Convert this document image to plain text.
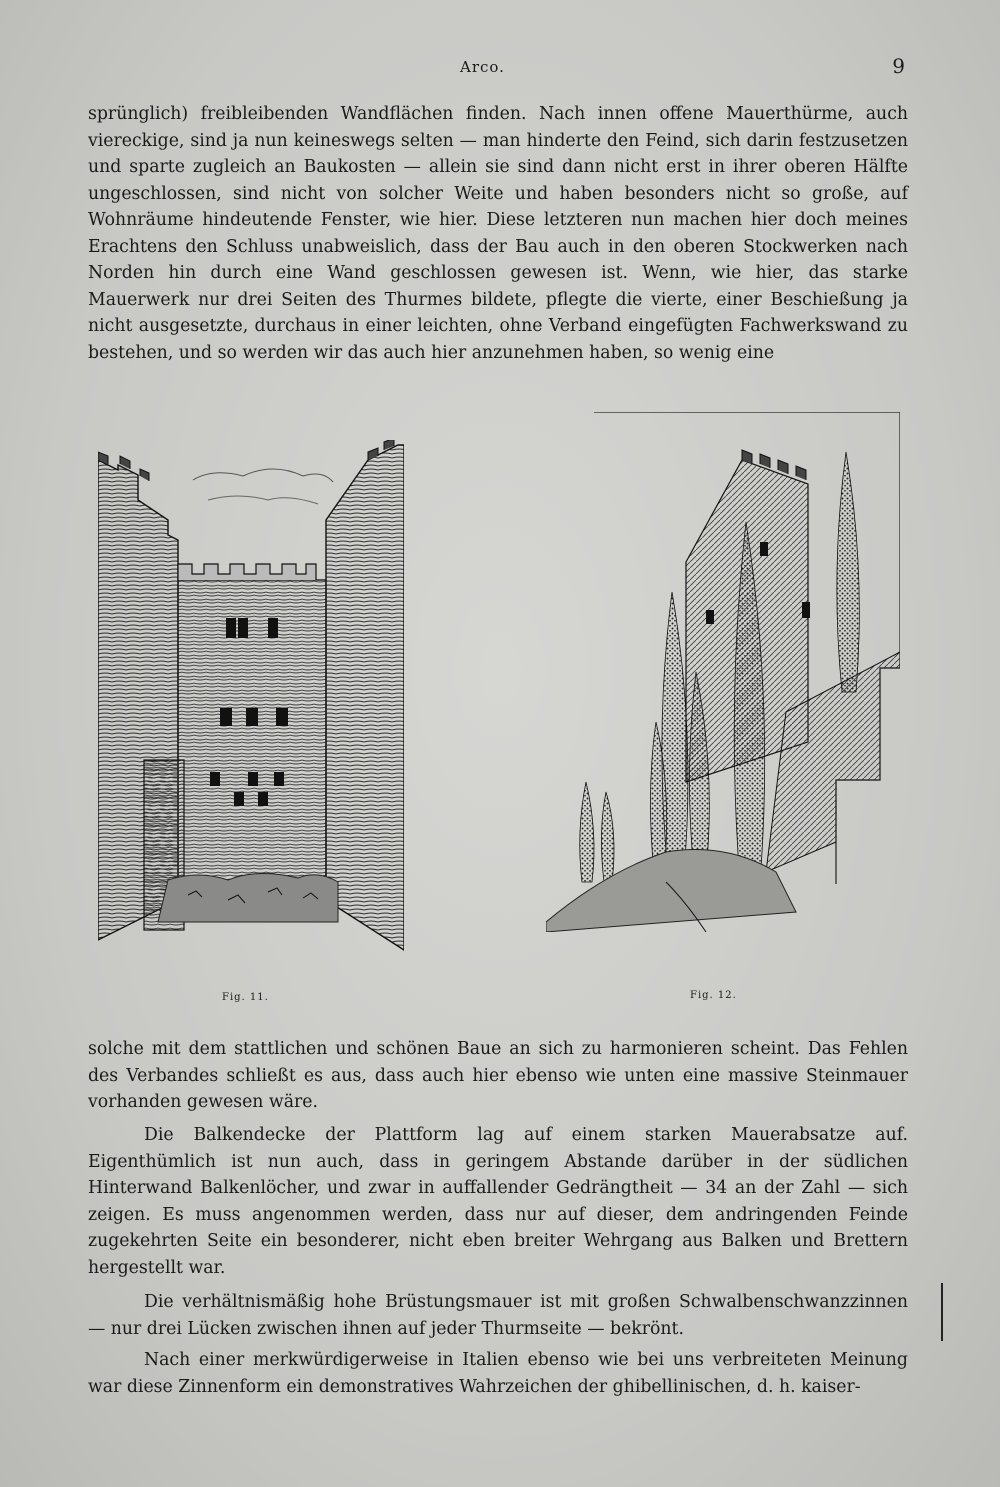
Arco.	9

sprünglich) freibleibenden Wandflächen finden. Nach innen offene Mauerthürme, auch viereckige, sind ja nun keineswegs selten — man hinderte den Feind, sich darin festzusetzen und sparte zugleich an Baukosten — allein sie sind dann nicht erst in ihrer oberen Hälfte ungeschlossen, sind nicht von solcher Weite und haben besonders nicht so große, auf Wohnräume hindeutende Fenster, wie hier. Diese letzteren nun machen hier doch meines Erachtens den Schluss unabweislich, dass der Bau auch in den oberen Stockwerken nach Norden hin durch eine Wand geschlossen gewesen ist. Wenn, wie hier, das starke Mauerwerk nur drei Seiten des Thurmes bildete, pflegte die vierte, einer Beschießung ja nicht ausgesetzte, durchaus in einer leichten, ohne Verband eingefügten Fachwerkswand zu bestehen, und so werden wir das auch hier anzunehmen haben, so wenig eine

Fig. 11.	Fig. 12.

solche mit dem stattlichen und schönen Baue an sich zu harmonieren scheint. Das Fehlen des Verbandes schließt es aus, dass auch hier ebenso wie unten eine massive Steinmauer vorhanden gewesen wäre.

Die Balkendecke der Plattform lag auf einem starken Mauerabsatze auf. Eigenthümlich ist nun auch, dass in geringem Abstande darüber in der südlichen Hinterwand Balkenlöcher, und zwar in auffallender Gedrängtheit — 34 an der Zahl — sich zeigen. Es muss angenommen werden, dass nur auf dieser, dem andringenden Feinde zugekehrten Seite ein besonderer, nicht eben breiter Wehrgang aus Balken und Brettern hergestellt war.

Die verhältnismäßig hohe Brüstungsmauer ist mit großen Schwalbenschwanzzinnen — nur drei Lücken zwischen ihnen auf jeder Thurmseite — bekrönt.

Nach einer merkwürdigerweise in Italien ebenso wie bei uns verbreiteten Meinung war diese Zinnenform ein demonstratives Wahrzeichen der ghibellinischen, d. h. kaiser-
